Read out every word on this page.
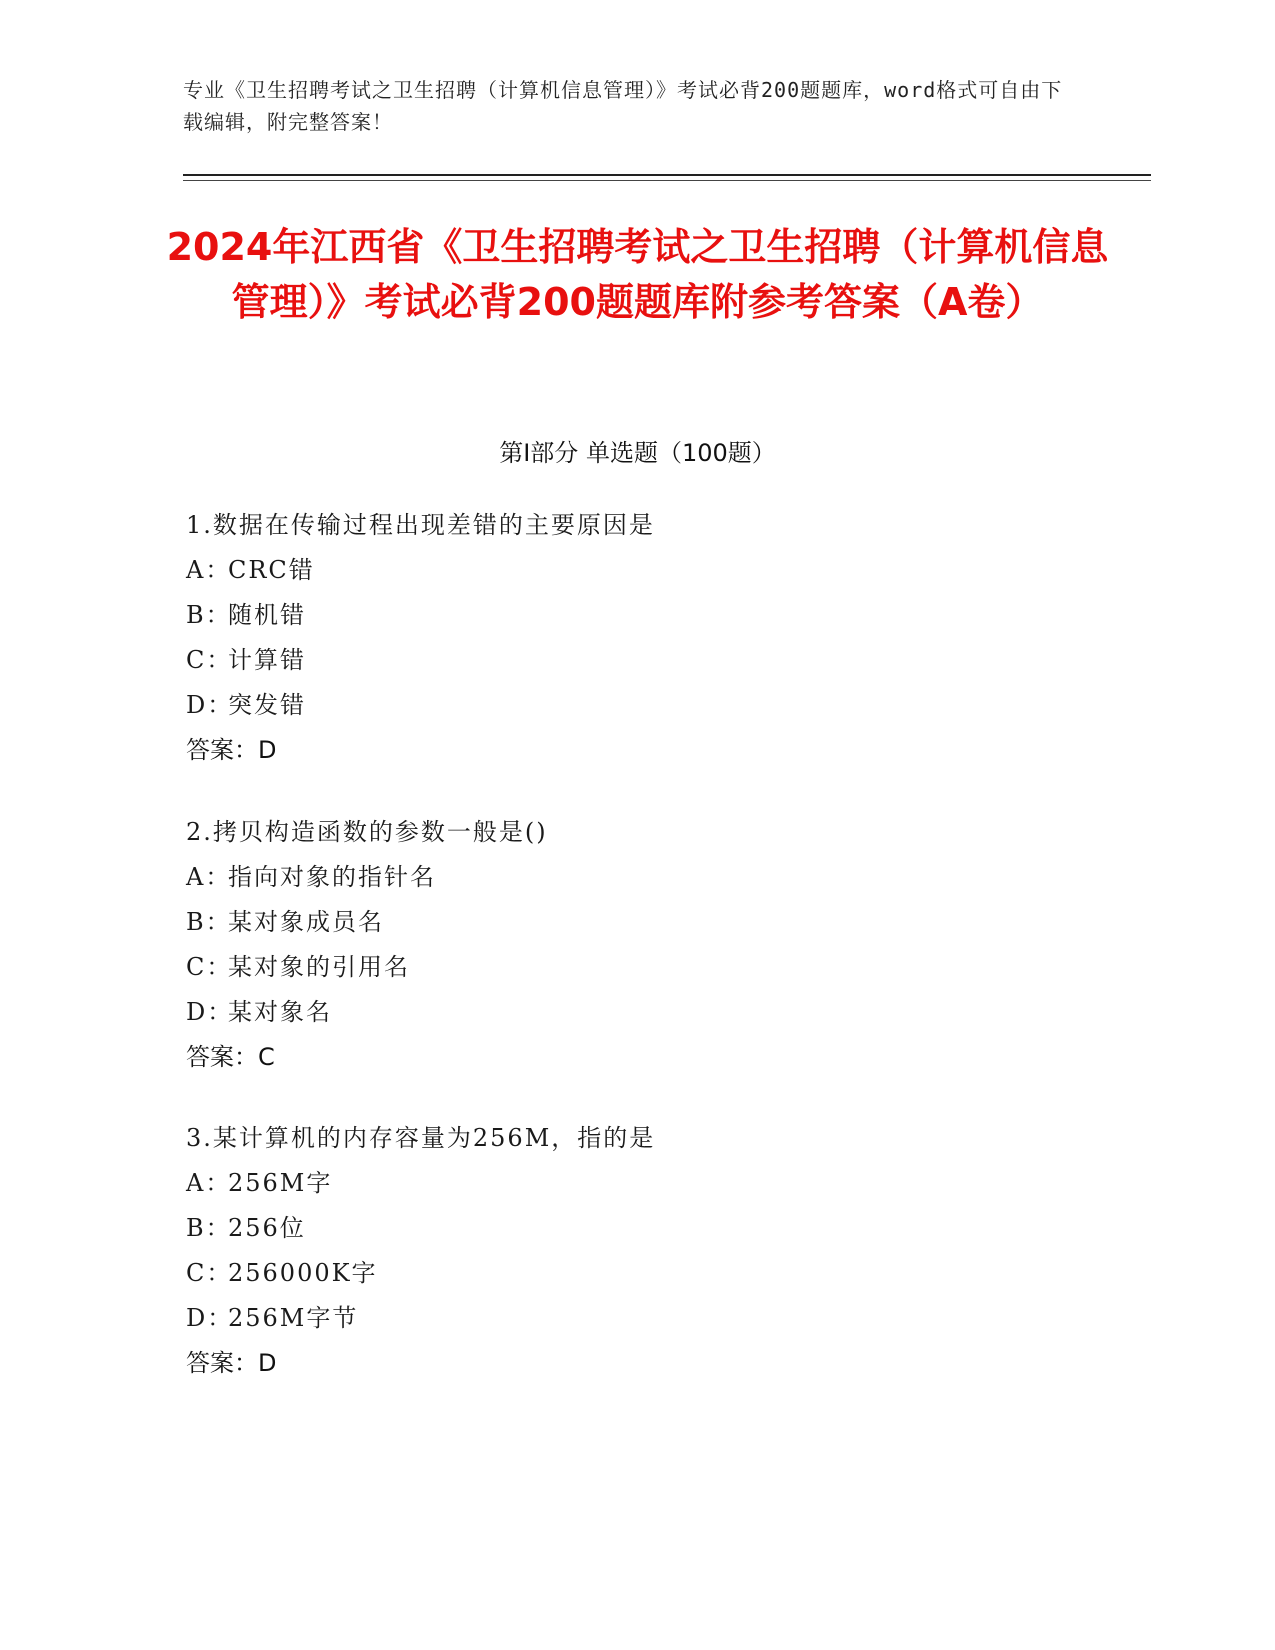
专业《卫生招聘考试之卫生招聘（计算机信息管理）》考试必背200题题库，word格式可自由下载编辑，附完整答案！
2024年江西省《卫生招聘考试之卫生招聘（计算机信息管理）》考试必背200题题库附参考答案（A卷）
第Ⅰ部分 单选题（100题）
1.数据在传输过程出现差错的主要原因是
A：CRC错
B：随机错
C：计算错
D：突发错
答案：D
2.拷贝构造函数的参数一般是()
A：指向对象的指针名
B：某对象成员名
C：某对象的引用名
D：某对象名
答案：C
3.某计算机的内存容量为256M，指的是
A：256M字
B：256位
C：256000K字
D：256M字节
答案：D
